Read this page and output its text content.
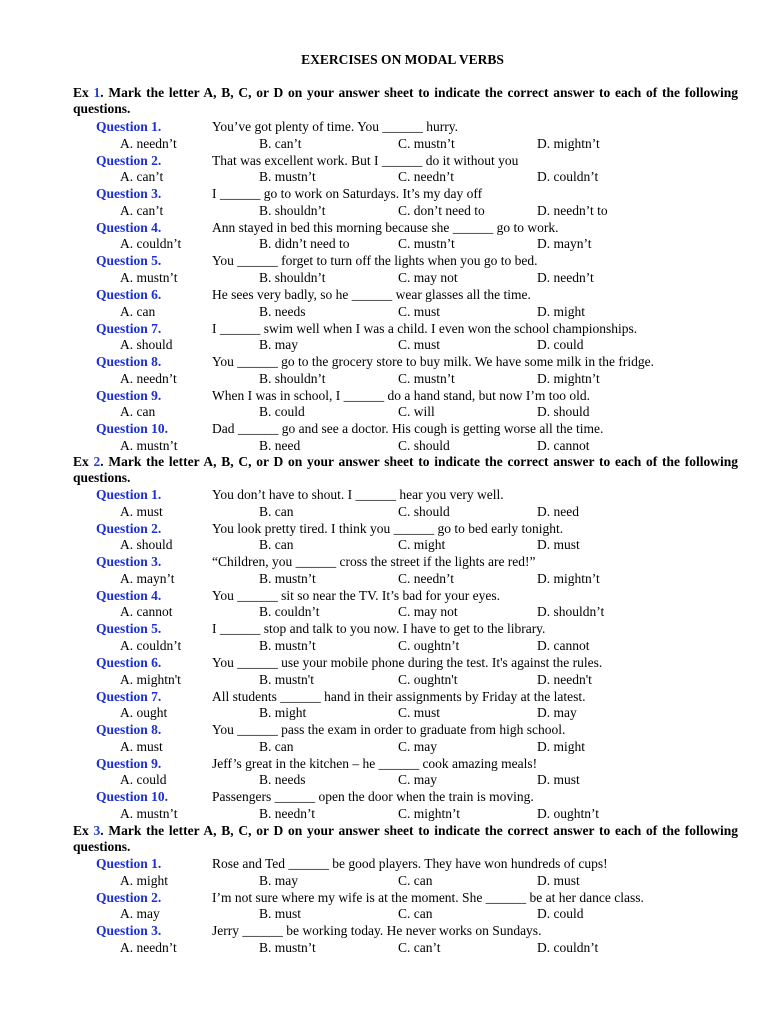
EXERCISES ON MODAL VERBS
Ex 1. Mark the letter A, B, C, or D on your answer sheet to indicate the correct answer to each of the following questions.
Question 1.	You’ve got plenty of time. You ______ hurry.
A. needn’t	B. can’t	C. mustn’t	D. mightn’t
Question 2.	That was excellent work. But I ______ do it without you
A. can’t	B. mustn’t	C. needn’t	D. couldn’t
Question 3.	I ______ go to work on Saturdays. It’s my day off
A. can’t	B. shouldn’t	C. don’t need to	D. needn’t to
Question 4.	Ann stayed in bed this morning because she ______ go to work.
A. couldn’t	B. didn’t need to	C. mustn’t	D. mayn’t
Question 5.	You ______ forget to turn off the lights when you go to bed.
A. mustn’t	B. shouldn’t	C. may not	D. needn’t
Question 6.	He sees very badly, so he ______ wear glasses all the time.
A. can	B. needs	C. must	D. might
Question 7.	I ______ swim well when I was a child. I even won the school championships.
A. should	B. may	C. must	D. could
Question 8.	You ______ go to the grocery store to buy milk. We have some milk in the fridge.
A. needn’t	B. shouldn’t	C. mustn’t	D. mightn’t
Question 9.	When I was in school, I ______ do a hand stand, but now I’m too old.
A. can	B. could	C. will	D. should
Question 10.	Dad ______ go and see a doctor. His cough is getting worse all the time.
A. mustn’t	B. need	C. should	D. cannot
Ex 2. Mark the letter A, B, C, or D on your answer sheet to indicate the correct answer to each of the following questions.
Question 1.	You don’t have to shout. I ______ hear you very well.
A. must	B. can	C. should	D. need
Question 2.	You look pretty tired. I think you ______ go to bed early tonight.
A. should	B. can	C. might	D. must
Question 3.	“Children, you ______ cross the street if the lights are red!”
A. mayn’t	B. mustn’t	C. needn’t	D. mightn’t
Question 4.	You ______ sit so near the TV. It’s bad for your eyes.
A. cannot	B. couldn’t	C. may not	D. shouldn’t
Question 5.	I ______ stop and talk to you now. I have to get to the library.
A. couldn’t	B. mustn’t	C. oughtn’t	D. cannot
Question 6.	You ______ use your mobile phone during the test. It's against the rules.
A. mightn't	B. mustn't	C. oughtn't	D. needn't
Question 7.	All students ______ hand in their assignments by Friday at the latest.
A. ought	B. might	C. must	D. may
Question 8.	You ______ pass the exam in order to graduate from high school.
A. must	B. can	C. may	D. might
Question 9.	Jeff’s great in the kitchen – he ______ cook amazing meals!
A. could	B. needs	C. may	D. must
Question 10.	Passengers ______ open the door when the train is moving.
A. mustn’t	B. needn’t	C. mightn’t	D. oughtn’t
Ex 3. Mark the letter A, B, C, or D on your answer sheet to indicate the correct answer to each of the following questions.
Question 1.	Rose and Ted ______ be good players. They have won hundreds of cups!
A. might	B. may	C. can	D. must
Question 2.	I’m not sure where my wife is at the moment. She ______ be at her dance class.
A. may	B. must	C. can	D. could
Question 3.	Jerry ______ be working today. He never works on Sundays.
A. needn’t	B. mustn’t	C. can’t	D. couldn’t
